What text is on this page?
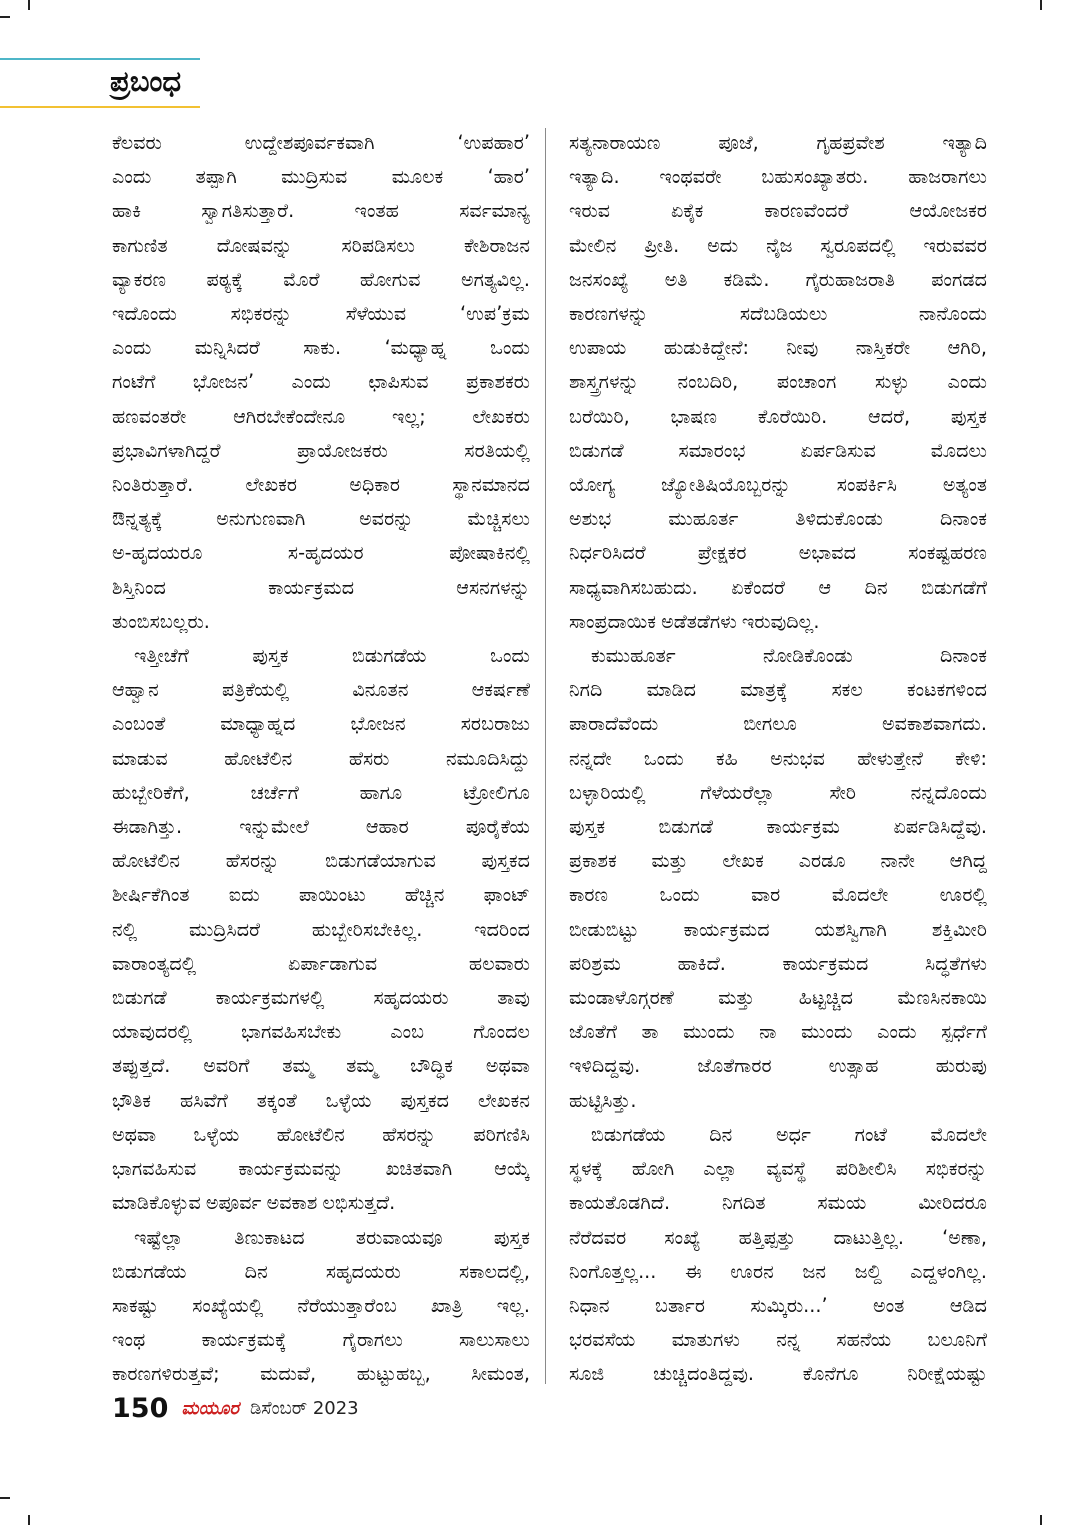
ಪ್ರಬಂಧ
ಕೆಲವರು ಉದ್ದೇಶಪೂರ್ವಕವಾಗಿ ‘ಉಪಹಾರ’
ಎಂದು ತಪ್ಪಾಗಿ ಮುದ್ರಿಸುವ ಮೂಲಕ ‘ಹಾರ’
ಹಾಕಿ ಸ್ವಾಗತಿಸುತ್ತಾರೆ. ಇಂತಹ ಸರ್ವಮಾನ್ಯ
ಕಾಗುಣಿತ ದೋಷವನ್ನು ಸರಿಪಡಿಸಲು ಕೇಶಿರಾಜನ
ವ್ಯಾಕರಣ ಪಠ್ಯಕ್ಕೆ ಮೊರೆ ಹೋಗುವ ಅಗತ್ಯವಿಲ್ಲ.
ಇದೊಂದು ಸಭಿಕರನ್ನು ಸೆಳೆಯುವ ‘ಉಪ’ಕ್ರಮ
ಎಂದು ಮನ್ನಿಸಿದರೆ ಸಾಕು. ‘ಮಧ್ಯಾಹ್ನ ಒಂದು
ಗಂಟೆಗೆ ಭೋಜನ’ ಎಂದು ಛಾಪಿಸುವ ಪ್ರಕಾಶಕರು
ಹಣವಂತರೇ ಆಗಿರಬೇಕೆಂದೇನೂ ಇಲ್ಲ; ಲೇಖಕರು
ಪ್ರಭಾವಿಗಳಾಗಿದ್ದರೆ ಪ್ರಾಯೋಜಕರು ಸರತಿಯಲ್ಲಿ
ನಿಂತಿರುತ್ತಾರೆ. ಲೇಖಕರ ಅಧಿಕಾರ ಸ್ಥಾನಮಾನದ
ಔನ್ನತ್ಯಕ್ಕೆ ಅನುಗುಣವಾಗಿ ಅವರನ್ನು ಮೆಚ್ಚಿಸಲು
ಅ-ಹೃದಯರೂ ಸ-ಹೃದಯರ ಪೋಷಾಕಿನಲ್ಲಿ
ಶಿಸ್ತಿನಿಂದ ಕಾರ್ಯಕ್ರಮದ ಆಸನಗಳನ್ನು
ತುಂಬಿಸಬಲ್ಲರು.
ಇತ್ತೀಚೆಗೆ ಪುಸ್ತಕ ಬಿಡುಗಡೆಯ ಒಂದು
ಆಹ್ವಾನ ಪತ್ರಿಕೆಯಲ್ಲಿ ವಿನೂತನ ಆಕರ್ಷಣೆ
ಎಂಬಂತೆ ಮಾಧ್ಯಾಹ್ನದ ಭೋಜನ ಸರಬರಾಜು
ಮಾಡುವ ಹೋಟೆಲಿನ ಹೆಸರು ನಮೂದಿಸಿದ್ದು
ಹುಬ್ಬೇರಿಕೆಗೆ, ಚರ್ಚೆಗೆ ಹಾಗೂ ಟ್ರೋಲಿಗೂ
ಈಡಾಗಿತ್ತು. ಇನ್ನುಮೇಲೆ ಆಹಾರ ಪೂರೈಕೆಯ
ಹೋಟೆಲಿನ ಹೆಸರನ್ನು ಬಿಡುಗಡೆಯಾಗುವ ಪುಸ್ತಕದ
ಶೀರ್ಷಿಕೆಗಿಂತ ಐದು ಪಾಯಿಂಟು ಹೆಚ್ಚಿನ ಫಾಂಟ್
ನಲ್ಲಿ ಮುದ್ರಿಸಿದರೆ ಹುಬ್ಬೇರಿಸಬೇಕಿಲ್ಲ. ಇದರಿಂದ
ವಾರಾಂತ್ಯದಲ್ಲಿ ಏರ್ಪಾಡಾಗುವ ಹಲವಾರು
ಬಿಡುಗಡೆ ಕಾರ್ಯಕ್ರಮಗಳಲ್ಲಿ ಸಹೃದಯರು ತಾವು
ಯಾವುದರಲ್ಲಿ ಭಾಗವಹಿಸಬೇಕು ಎಂಬ ಗೊಂದಲ
ತಪ್ಪುತ್ತದೆ. ಅವರಿಗೆ ತಮ್ಮ ತಮ್ಮ ಬೌದ್ಧಿಕ ಅಥವಾ
ಭೌತಿಕ ಹಸಿವೆಗೆ ತಕ್ಕಂತೆ ಒಳ್ಳೆಯ ಪುಸ್ತಕದ ಲೇಖಕನ
ಅಥವಾ ಒಳ್ಳೆಯ ಹೋಟೆಲಿನ ಹೆಸರನ್ನು ಪರಿಗಣಿಸಿ
ಭಾಗವಹಿಸುವ ಕಾರ್ಯಕ್ರಮವನ್ನು ಖಚಿತವಾಗಿ ಆಯ್ಕೆ
ಮಾಡಿಕೊಳ್ಳುವ ಅಪೂರ್ವ ಅವಕಾಶ ಲಭಿಸುತ್ತದೆ.
ಇಷ್ಟೆಲ್ಲಾ ತಿಣುಕಾಟದ ತರುವಾಯವೂ ಪುಸ್ತಕ
ಬಿಡುಗಡೆಯ ದಿನ ಸಹೃದಯರು ಸಕಾಲದಲ್ಲಿ,
ಸಾಕಷ್ಟು ಸಂಖ್ಯೆಯಲ್ಲಿ ನೆರೆಯುತ್ತಾರೆಂಬ ಖಾತ್ರಿ ಇಲ್ಲ.
ಇಂಥ ಕಾರ್ಯಕ್ರಮಕ್ಕೆ ಗೈರಾಗಲು ಸಾಲುಸಾಲು
ಕಾರಣಗಳಿರುತ್ತವೆ; ಮದುವೆ, ಹುಟ್ಟುಹಬ್ಬ, ಸೀಮಂತ,
ಸತ್ಯನಾರಾಯಣ ಪೂಜೆ, ಗೃಹಪ್ರವೇಶ ಇತ್ಯಾದಿ
ಇತ್ಯಾದಿ. ಇಂಥವರೇ ಬಹುಸಂಖ್ಯಾತರು. ಹಾಜರಾಗಲು
ಇರುವ ಏಕೈಕ ಕಾರಣವೆಂದರೆ ಆಯೋಜಕರ
ಮೇಲಿನ ಪ್ರೀತಿ. ಅದು ನೈಜ ಸ್ವರೂಪದಲ್ಲಿ ಇರುವವರ
ಜನಸಂಖ್ಯೆ ಅತಿ ಕಡಿಮೆ. ಗೈರುಹಾಜರಾತಿ ಪಂಗಡದ
ಕಾರಣಗಳನ್ನು ಸದೆಬಡಿಯಲು ನಾನೊಂದು
ಉಪಾಯ ಹುಡುಕಿದ್ದೇನೆ: ನೀವು ನಾಸ್ತಿಕರೇ ಆಗಿರಿ,
ಶಾಸ್ತ್ರಗಳನ್ನು ನಂಬದಿರಿ, ಪಂಚಾಂಗ ಸುಳ್ಳು ಎಂದು
ಬರೆಯಿರಿ, ಭಾಷಣ ಕೊರೆಯಿರಿ. ಆದರೆ, ಪುಸ್ತಕ
ಬಿಡುಗಡೆ ಸಮಾರಂಭ ಏರ್ಪಡಿಸುವ ಮೊದಲು
ಯೋಗ್ಯ ಜ್ಯೋತಿಷಿಯೊಬ್ಬರನ್ನು ಸಂಪರ್ಕಿಸಿ ಅತ್ಯಂತ
ಅಶುಭ ಮುಹೂರ್ತ ತಿಳಿದುಕೊಂಡು ದಿನಾಂಕ
ನಿರ್ಧರಿಸಿದರೆ ಪ್ರೇಕ್ಷಕರ ಅಭಾವದ ಸಂಕಷ್ಟಹರಣ
ಸಾಧ್ಯವಾಗಿಸಬಹುದು. ಏಕೆಂದರೆ ಆ ದಿನ ಬಿಡುಗಡೆಗೆ
ಸಾಂಪ್ರದಾಯಿಕ ಅಡೆತಡೆಗಳು ಇರುವುದಿಲ್ಲ.
ಕುಮುಹೂರ್ತ ನೋಡಿಕೊಂಡು ದಿನಾಂಕ
ನಿಗದಿ ಮಾಡಿದ ಮಾತ್ರಕ್ಕೆ ಸಕಲ ಕಂಟಕಗಳಿಂದ
ಪಾರಾದೆವೆಂದು ಬೀಗಲೂ ಅವಕಾಶವಾಗದು.
ನನ್ನದೇ ಒಂದು ಕಹಿ ಅನುಭವ ಹೇಳುತ್ತೇನೆ ಕೇಳಿ:
ಬಳ್ಳಾರಿಯಲ್ಲಿ ಗೆಳೆಯರೆಲ್ಲಾ ಸೇರಿ ನನ್ನದೊಂದು
ಪುಸ್ತಕ ಬಿಡುಗಡೆ ಕಾರ್ಯಕ್ರಮ ಏರ್ಪಡಿಸಿದ್ದೆವು.
ಪ್ರಕಾಶಕ ಮತ್ತು ಲೇಖಕ ಎರಡೂ ನಾನೇ ಆಗಿದ್ದ
ಕಾರಣ ಒಂದು ವಾರ ಮೊದಲೇ ಊರಲ್ಲಿ
ಬೀಡುಬಿಟ್ಟು ಕಾರ್ಯಕ್ರಮದ ಯಶಸ್ವಿಗಾಗಿ ಶಕ್ತಿಮೀರಿ
ಪರಿಶ್ರಮ ಹಾಕಿದೆ. ಕಾರ್ಯಕ್ರಮದ ಸಿದ್ಧತೆಗಳು
ಮಂಡಾಳೊಗ್ಗರಣೆ ಮತ್ತು ಹಿಟ್ಟಚ್ಚಿದ ಮೆಣಸಿನಕಾಯಿ
ಜೊತೆಗೆ ತಾ ಮುಂದು ನಾ ಮುಂದು ಎಂದು ಸ್ಪರ್ಧೆಗೆ
ಇಳಿದಿದ್ದವು. ಜೊತೆಗಾರರ ಉತ್ಸಾಹ ಹುರುಪು
ಹುಟ್ಟಿಸಿತ್ತು.
ಬಿಡುಗಡೆಯ ದಿನ ಅರ್ಧ ಗಂಟೆ ಮೊದಲೇ
ಸ್ಥಳಕ್ಕೆ ಹೋಗಿ ಎಲ್ಲಾ ವ್ಯವಸ್ಥೆ ಪರಿಶೀಲಿಸಿ ಸಭಿಕರನ್ನು
ಕಾಯತೊಡಗಿದೆ. ನಿಗದಿತ ಸಮಯ ಮೀರಿದರೂ
ನೆರೆದವರ ಸಂಖ್ಯೆ ಹತ್ತಿಪ್ಪತ್ತು ದಾಟುತ್ತಿಲ್ಲ. ‘ಅಣಾ,
ನಿಂಗೊತ್ತಲ್ಲ... ಈ ಊರನ ಜನ ಜಲ್ದಿ ಎದ್ದಳಂಗಿಲ್ಲ.
ನಿಧಾನ ಬರ್ತಾರ ಸುಮ್ಕಿರು...’ ಅಂತ ಆಡಿದ
ಭರವಸೆಯ ಮಾತುಗಳು ನನ್ನ ಸಹನೆಯ ಬಲೂನಿಗೆ
ಸೂಜಿ ಚುಚ್ಚಿದಂತಿದ್ದವು. ಕೊನೆಗೂ ನಿರೀಕ್ಷೆಯಷ್ಟು
150 ಮಯೂರ ಡಿಸೆಂಬರ್ 2023
